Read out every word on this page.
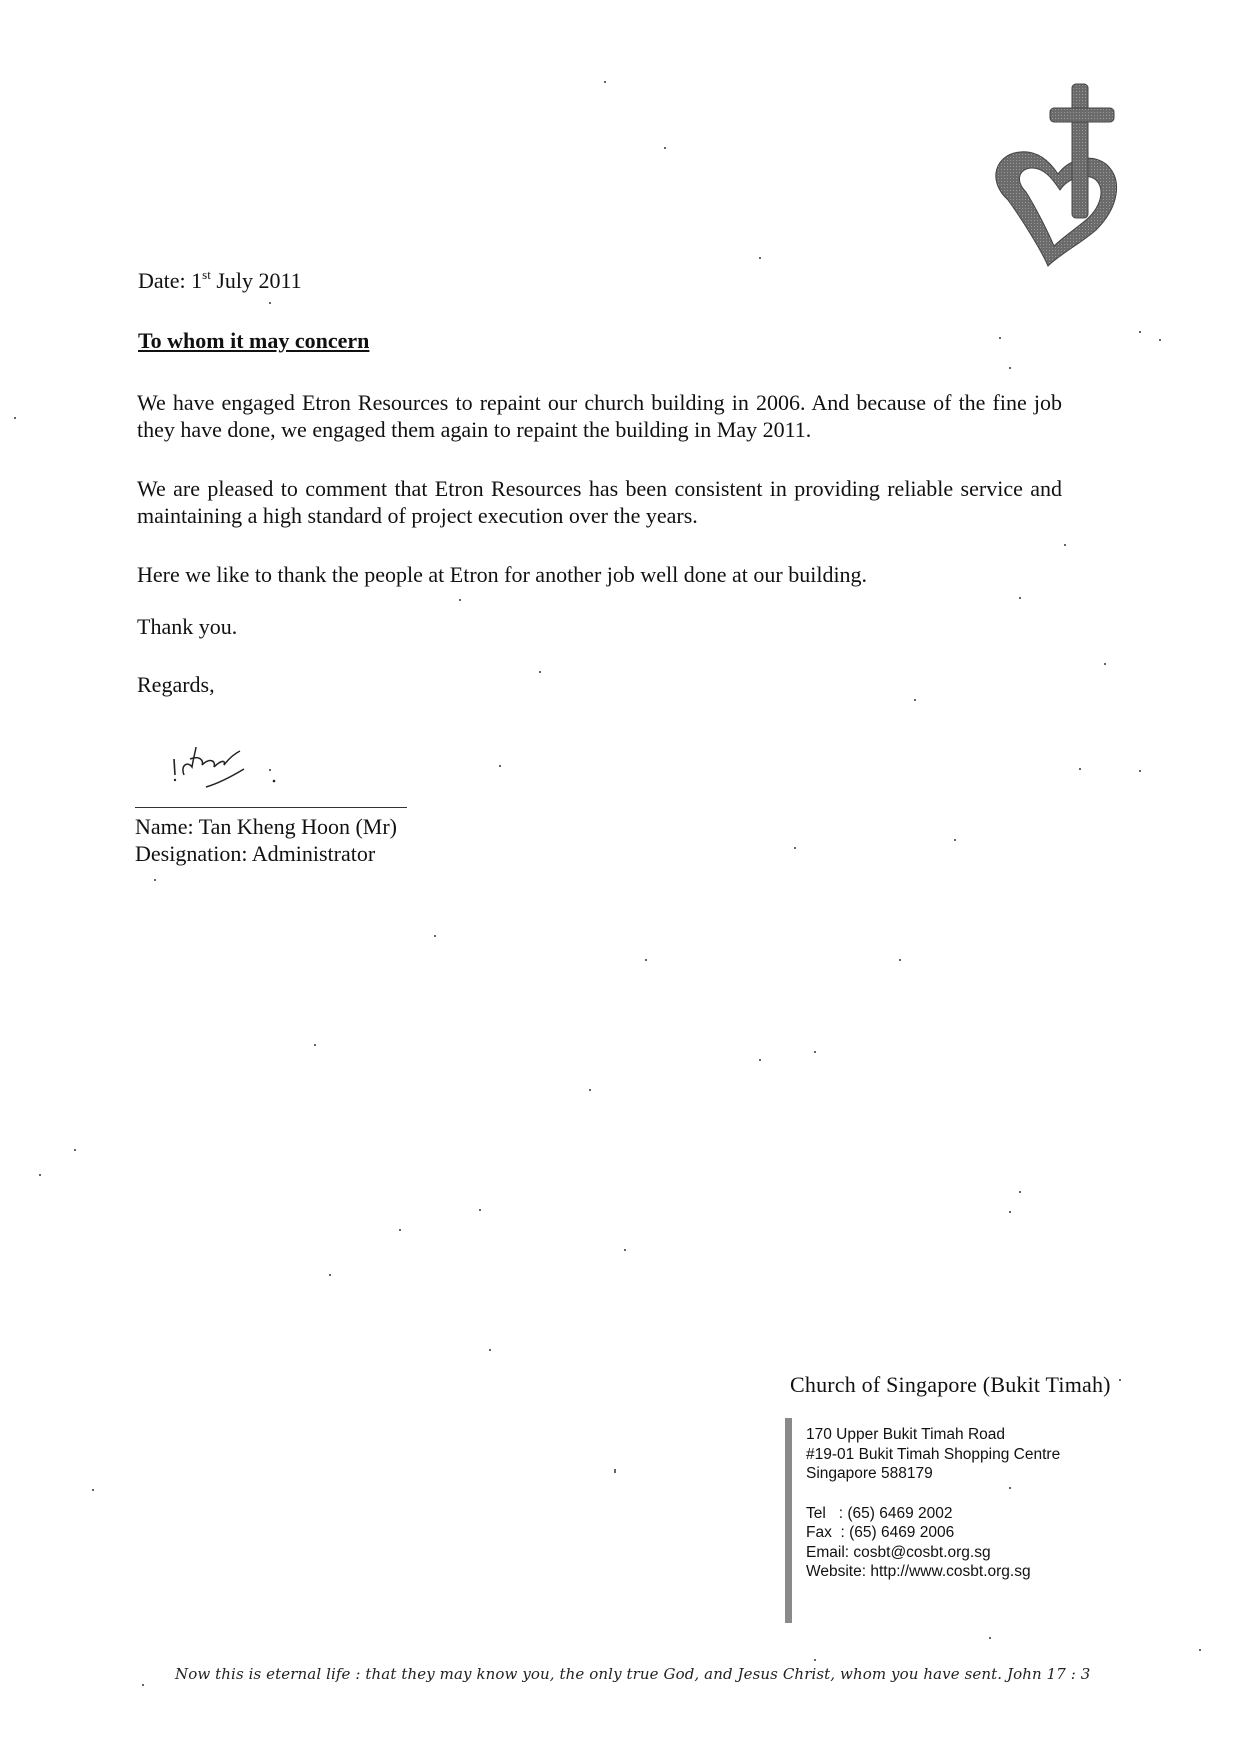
Date: 1st July 2011
To whom it may concern
We have engaged Etron Resources to repaint our church building in 2006. And because of the fine job they have done, we engaged them again to repaint the building in May 2011.
We are pleased to comment that Etron Resources has been consistent in providing reliable service and maintaining a high standard of project execution over the years.
Here we like to thank the people at Etron for another job well done at our building.
Thank you.
Regards,
Name: Tan Kheng Hoon (Mr)
Designation: Administrator
Church of Singapore (Bukit Timah)
170 Upper Bukit Timah Road
#19-01 Bukit Timah Shopping Centre
Singapore 588179
Tel   : (65) 6469 2002
Fax  : (65) 6469 2006
Email: cosbt@cosbt.org.sg
Website: http://www.cosbt.org.sg
Now this is eternal life : that they may know you, the only true God, and Jesus Christ, whom you have sent. John 17 : 3
